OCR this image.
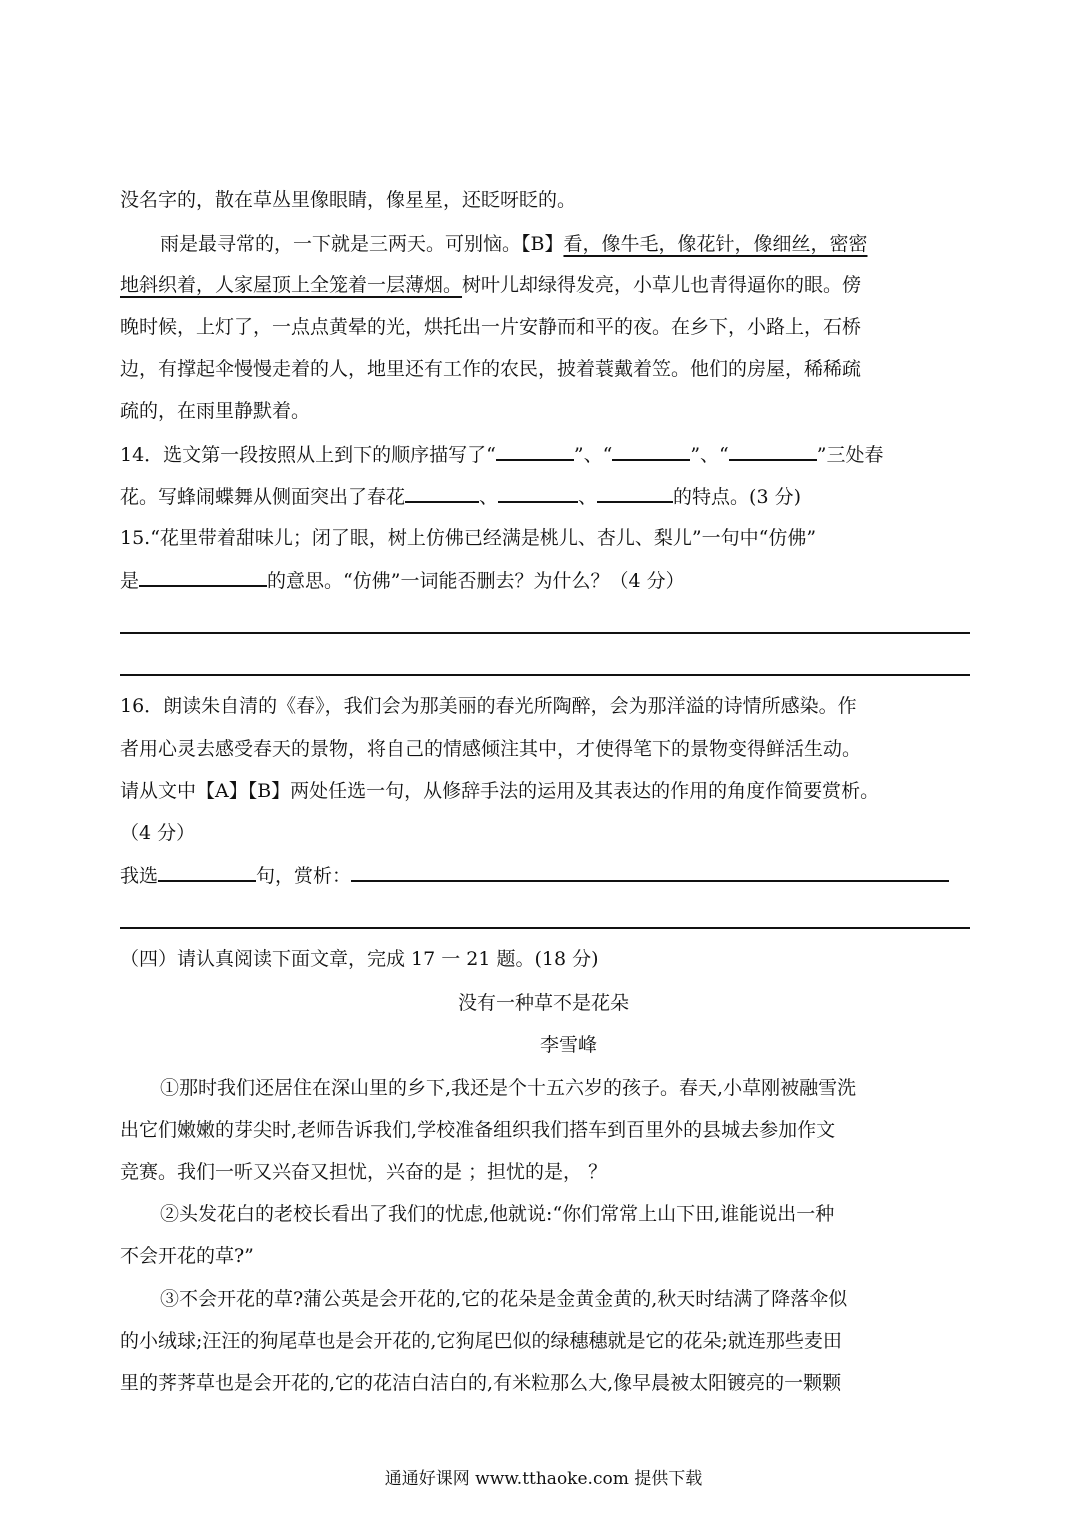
没名字的，散在草丛里像眼睛，像星星，还眨呀眨的。
雨是最寻常的，一下就是三两天。可别恼。【B】看，像牛毛，像花针，像细丝，密密
地斜织着，人家屋顶上全笼着一层薄烟。树叶儿却绿得发亮，小草儿也青得逼你的眼。傍
晚时候，上灯了，一点点黄晕的光，烘托出一片安静而和平的夜。在乡下，小路上，石桥
边，有撑起伞慢慢走着的人，地里还有工作的农民，披着蓑戴着笠。他们的房屋，稀稀疏
疏的，在雨里静默着。
14．选文第一段按照从上到下的顺序描写了“	”、“	”、“	”三处春
花。写蜂闹蝶舞从侧面突出了春花	、	、	的特点。(3 分)
15.“花里带着甜味儿；闭了眼，树上仿佛已经满是桃儿、杏儿、梨儿”一句中“仿佛”
是	的意思。“仿佛”一词能否删去？为什么？（4 分）
16．朗读朱自清的《春》，我们会为那美丽的春光所陶醉，会为那洋溢的诗情所感染。作
者用心灵去感受春天的景物，将自己的情感倾注其中，才使得笔下的景物变得鲜活生动。
请从文中【A】【B】两处任选一句，从修辞手法的运用及其表达的作用的角度作简要赏析。
（4 分）
我选	句，赏析：
（四）请认真阅读下面文章，完成 17 一 21 题。(18 分)
没有一种草不是花朵
李雪峰
①那时我们还居住在深山里的乡下,我还是个十五六岁的孩子。春天,小草刚被融雪洗
出它们嫩嫩的芽尖时,老师告诉我们,学校准备组织我们搭车到百里外的县城去参加作文
竞赛。我们一听又兴奋又担忧，兴奋的是 ；担忧的是， ？
②头发花白的老校长看出了我们的忧虑,他就说:“你们常常上山下田,谁能说出一种
不会开花的草?”
③不会开花的草?蒲公英是会开花的,它的花朵是金黄金黄的,秋天时结满了降落伞似
的小绒球;汪汪的狗尾草也是会开花的,它狗尾巴似的绿穗穗就是它的花朵;就连那些麦田
里的荠荠草也是会开花的,它的花洁白洁白的,有米粒那么大,像早晨被太阳镀亮的一颗颗
通通好课网 www.tthaoke.com 提供下载
